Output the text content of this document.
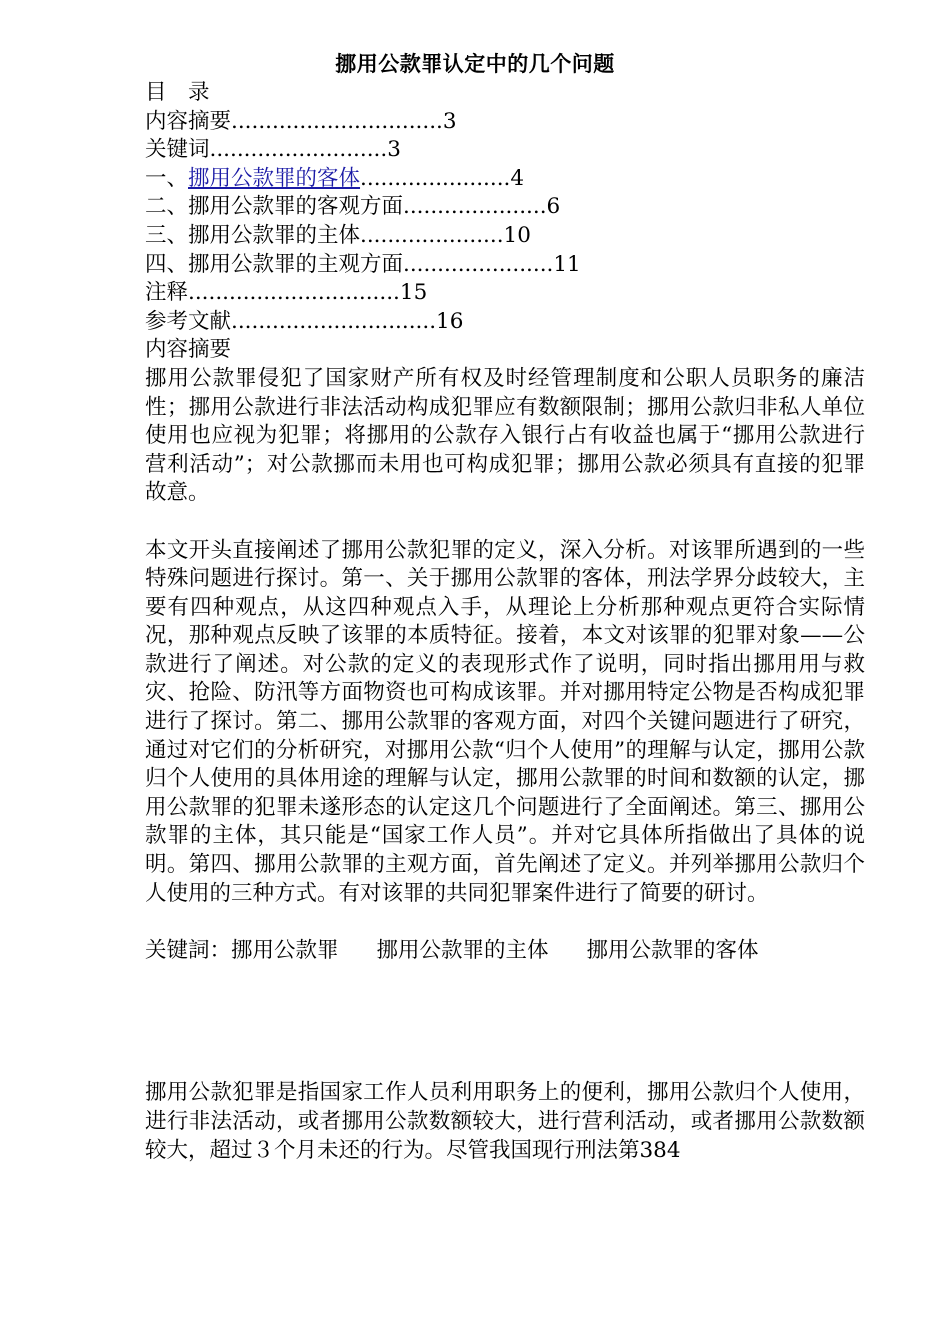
挪用公款罪认定中的几个问题
目　录
内容摘要...............................3
关键词..........................3
一、挪用公款罪的客体......................4
二、挪用公款罪的客观方面.....................6
三、挪用公款罪的主体.....................10
四、挪用公款罪的主观方面......................11
注释...............................15
参考文献..............................16
内容摘要

挪用公款罪侵犯了国家财产所有权及时经管理制度和公职人员职务的廉洁性；挪用公款进行非法活动构成犯罪应有数额限制；挪用公款归非私人单位使用也应视为犯罪；将挪用的公款存入银行占有收益也属于“挪用公款进行营利活动”；对公款挪而未用也可构成犯罪；挪用公款必须具有直接的犯罪故意。

本文开头直接阐述了挪用公款犯罪的定义，深入分析。对该罪所遇到的一些特殊问题进行探讨。第一、关于挪用公款罪的客体，刑法学界分歧较大，主要有四种观点，从这四种观点入手，从理论上分析那种观点更符合实际情况，那种观点反映了该罪的本质特征。接着，本文对该罪的犯罪对象——公款进行了阐述。对公款的定义的表现形式作了说明，同时指出挪用用与救灾、抢险、防汛等方面物资也可构成该罪。并对挪用特定公物是否构成犯罪进行了探讨。第二、挪用公款罪的客观方面，对四个关键问题进行了研究，通过对它们的分析研究，对挪用公款“归个人使用”的理解与认定，挪用公款归个人使用的具体用途的理解与认定，挪用公款罪的时间和数额的认定，挪用公款罪的犯罪未遂形态的认定这几个问题进行了全面阐述。第三、挪用公款罪的主体，其只能是“国家工作人员”。并对它具体所指做出了具体的说明。第四、挪用公款罪的主观方面，首先阐述了定义。并列举挪用公款归个人使用的三种方式。有对该罪的共同犯罪案件进行了简要的研讨。

关键詞：挪用公款罪 挪用公款罪的主体 挪用公款罪的客体

挪用公款犯罪是指国家工作人员利用职务上的便利，挪用公款归个人使用，进行非法活动，或者挪用公款数额较大，进行营利活动，或者挪用公款数额较大，超过３个月未还的行为。尽管我国现行刑法第384
